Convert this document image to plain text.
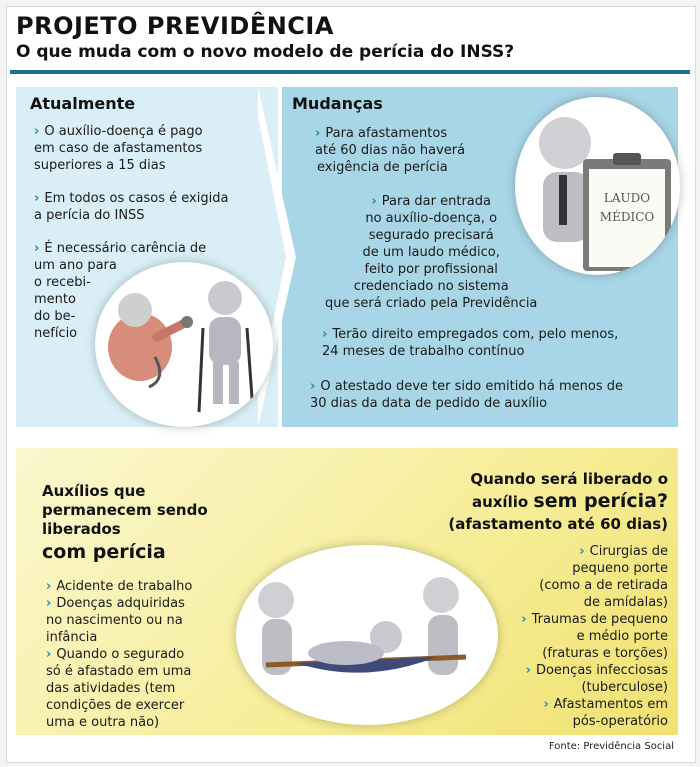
PROJETO PREVIDÊNCIA
O que muda com o novo modelo de perícia do INSS?
Atualmente	Mudanças
› O auxílio-doença é pago
em caso de afastamentos
superiores a 15 dias
› Em todos os casos é exigida
a perícia do INSS
› É necessário carência de
um ano para
o recebi-
mento
do be-
nefício
› Para afastamentos
até 60 dias não haverá
exigência de perícia
› Para dar entrada
no auxílio-doença, o
segurado precisará
de um laudo médico,
feito por profissional
credenciado no sistema
que será criado pela Previdência
› Terão direito empregados com, pelo menos,
24 meses de trabalho contínuo
› O atestado deve ter sido emitido há menos de
30 dias da data de pedido de auxílio
LAUDO
MÉDICO
Auxílios que
permanecem sendo
liberados
com perícia
› Acidente de trabalho
› Doenças adquiridas
no nascimento ou na
infância
› Quando o segurado
só é afastado em uma
das atividades (tem
condições de exercer
uma e outra não)
Quando será liberado o
auxílio sem perícia?
(afastamento até 60 dias)
› Cirurgias de
pequeno porte
(como a de retirada
de amídalas)
› Traumas de pequeno
e médio porte
(fraturas e torções)
› Doenças infecciosas
(tuberculose)
› Afastamentos em
pós-operatório
Fonte: Previdência Social
